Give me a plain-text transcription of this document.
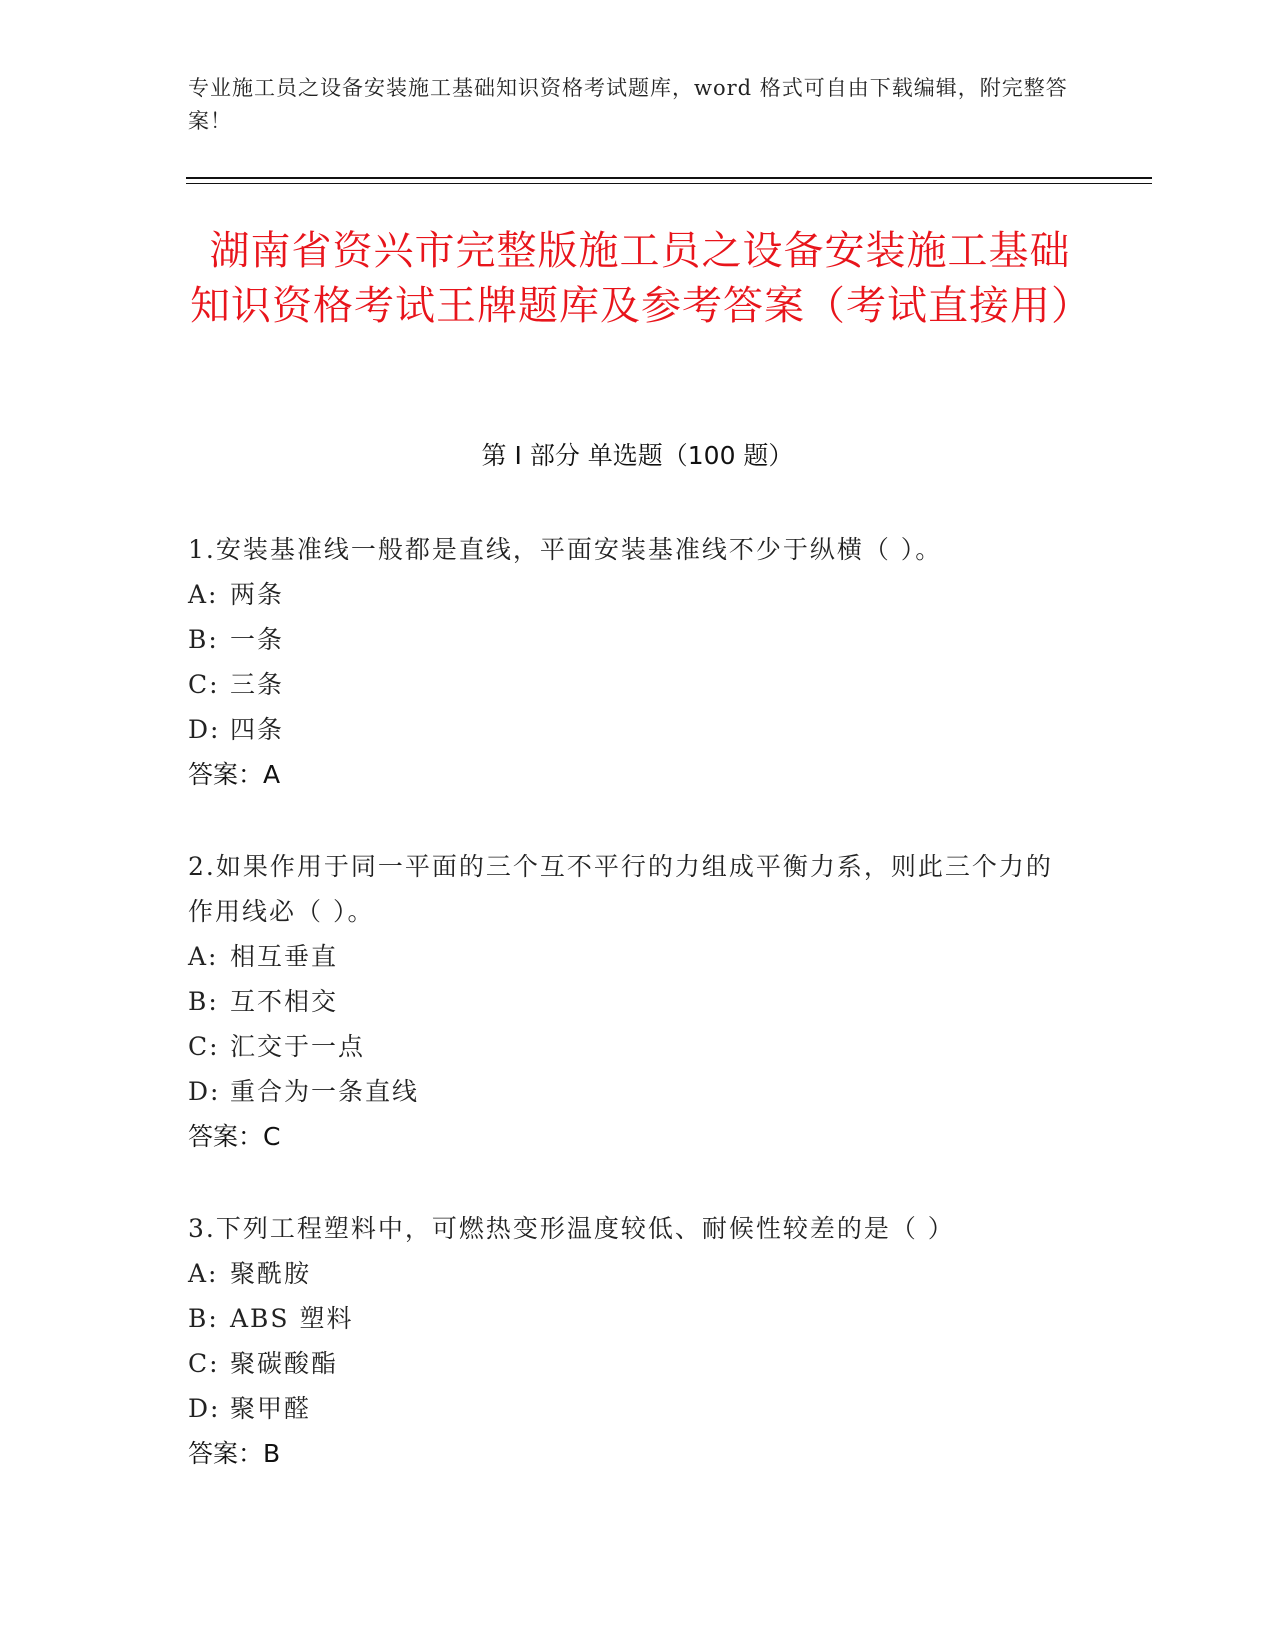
专业施工员之设备安装施工基础知识资格考试题库，word 格式可自由下载编辑，附完整答案！
湖南省资兴市完整版施工员之设备安装施工基础知识资格考试王牌题库及参考答案（考试直接用）
第 I 部分 单选题（100 题）
1.安装基准线一般都是直线，平面安装基准线不少于纵横（ ）。
A: 两条
B: 一条
C: 三条
D: 四条
答案：A
2.如果作用于同一平面的三个互不平行的力组成平衡力系，则此三个力的作用线必（ ）。
A: 相互垂直
B: 互不相交
C: 汇交于一点
D: 重合为一条直线
答案：C
3.下列工程塑料中，可燃热变形温度较低、耐候性较差的是（ ）
A: 聚酰胺
B: ABS 塑料
C: 聚碳酸酯
D: 聚甲醛
答案：B
